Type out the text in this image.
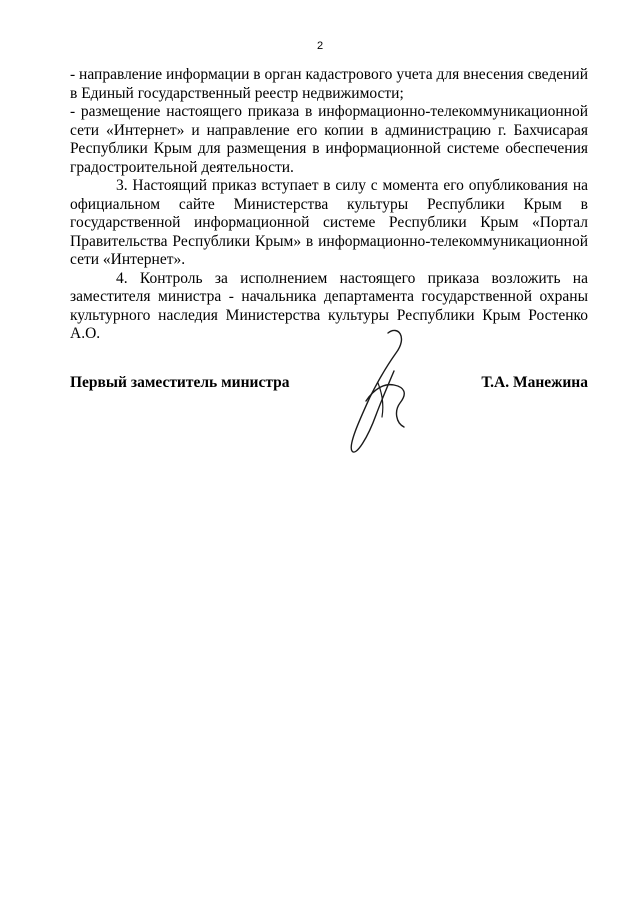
2

- направление информации в орган кадастрового учета для внесения сведений в Единый государственный реестр недвижимости;

- размещение настоящего приказа в информационно-телекоммуникационной сети «Интернет» и направление его копии в администрацию г. Бахчисарая Республики Крым для размещения в информационной системе обеспечения градостроительной деятельности.

3. Настоящий приказ вступает в силу с момента его опубликования на официальном сайте Министерства культуры Республики Крым в государственной информационной системе Республики Крым «Портал Правительства Республики Крым» в информационно-телекоммуникационной сети «Интернет».

4. Контроль за исполнением настоящего приказа возложить на заместителя министра - начальника департамента государственной охраны культурного наследия Министерства культуры Республики Крым Ростенко А.О.

Первый заместитель министра	Т.А. Манежина
